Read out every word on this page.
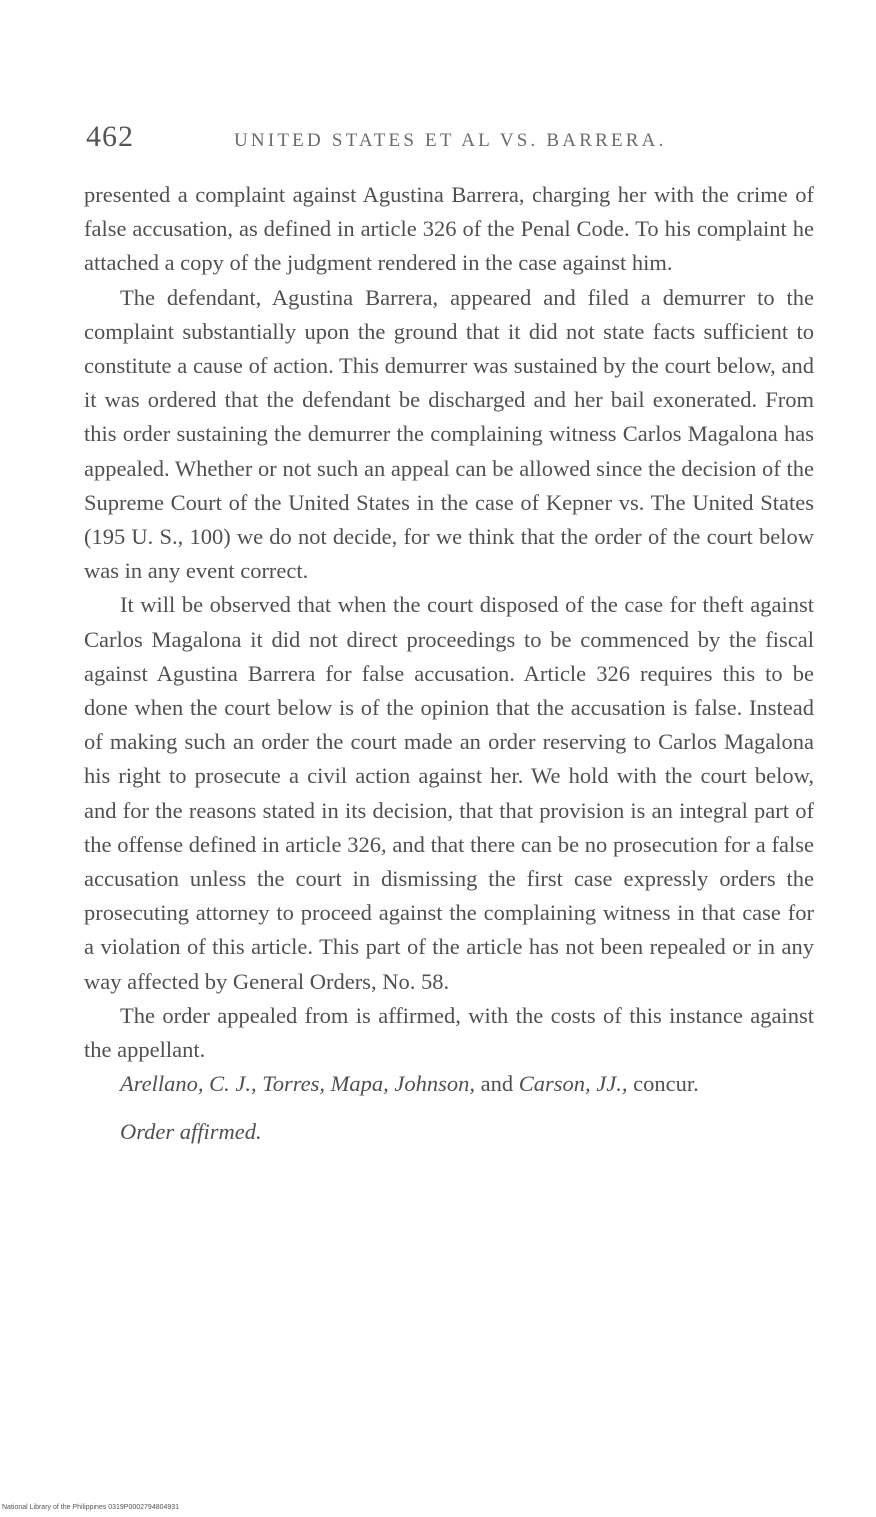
462	UNITED STATES ET AL VS. BARRERA.

presented a complaint against Agustina Barrera, charging her with the crime of false accusation, as defined in article 326 of the Penal Code. To his complaint he attached a copy of the judgment rendered in the case against him.

The defendant, Agustina Barrera, appeared and filed a demurrer to the complaint substantially upon the ground that it did not state facts sufficient to constitute a cause of action. This demurrer was sustained by the court below, and it was ordered that the defendant be discharged and her bail exonerated. From this order sustaining the demurrer the complaining witness Carlos Magalona has appealed. Whether or not such an appeal can be allowed since the decision of the Supreme Court of the United States in the case of Kepner vs. The United States (195 U. S., 100) we do not decide, for we think that the order of the court below was in any event correct.

It will be observed that when the court disposed of the case for theft against Carlos Magalona it did not direct proceedings to be commenced by the fiscal against Agustina Barrera for false accusation. Article 326 requires this to be done when the court below is of the opinion that the accusation is false. Instead of making such an order the court made an order reserving to Carlos Magalona his right to prosecute a civil action against her. We hold with the court below, and for the reasons stated in its decision, that that provision is an integral part of the offense defined in article 326, and that there can be no prosecution for a false accusation unless the court in dismissing the first case expressly orders the prosecuting attorney to proceed against the complaining witness in that case for a violation of this article. This part of the article has not been repealed or in any way affected by General Orders, No. 58.

The order appealed from is affirmed, with the costs of this instance against the appellant.

Arellano, C. J., Torres, Mapa, Johnson, and Carson, JJ., concur.

Order affirmed.

National Library of the Philippines 0319P0002794804931
